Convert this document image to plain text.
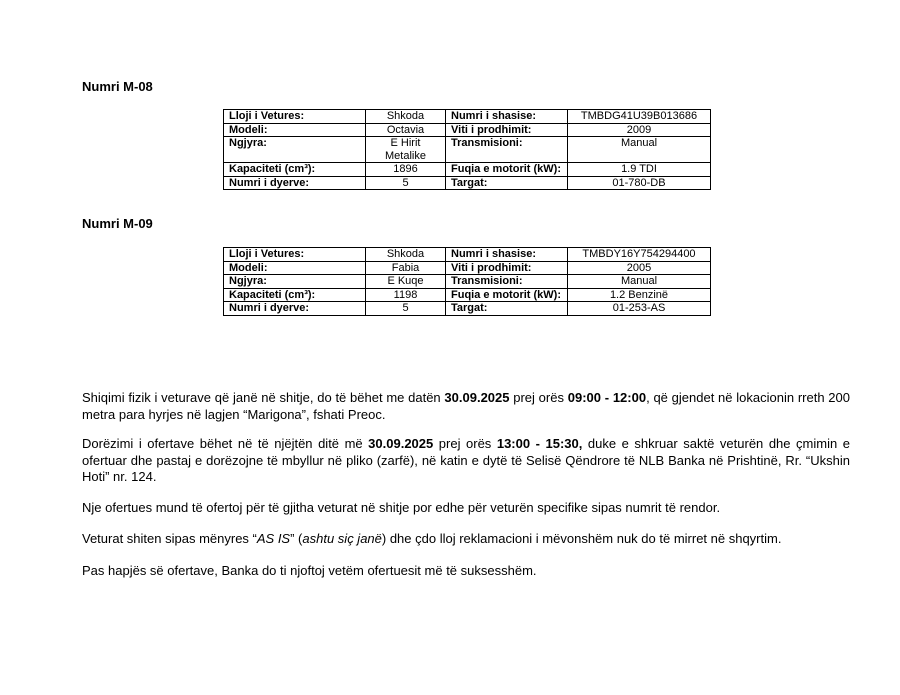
Numri M-08
Lloji i Vetures:	Shkoda	Numri i shasise:	TMBDG41U39B013686
Modeli:	Octavia	Viti i prodhimit:	2009
Ngjyra:	E Hirit Metalike	Transmisioni:	Manual
Kapaciteti (cm³):	1896	Fuqia e motorit (kW):	1.9 TDI
Numri i dyerve:	5	Targat:	01-780-DB
Numri M-09
Lloji i Vetures:	Shkoda	Numri i shasise:	TMBDY16Y754294400
Modeli:	Fabia	Viti i prodhimit:	2005
Ngjyra:	E Kuqe	Transmisioni:	Manual
Kapaciteti (cm³):	1198	Fuqia e motorit (kW):	1.2 Benzinë
Numri i dyerve:	5	Targat:	01-253-AS

Shiqimi fizik i veturave që janë në shitje, do të bëhet me datën 30.09.2025 prej orës 09:00 - 12:00, që gjendet në lokacionin rreth 200 metra para hyrjes në lagjen “Marigona”, fshati Preoc.

Dorëzimi i ofertave bëhet në të njëjtën ditë më 30.09.2025 prej orës 13:00 - 15:30, duke e shkruar saktë veturën dhe çmimin e ofertuar dhe pastaj e dorëzojne të mbyllur në pliko (zarfë), në katin e dytë të Selisë Qëndrore të NLB Banka në Prishtinë, Rr. “Ukshin Hoti” nr. 124.

Nje ofertues mund të ofertoj për të gjitha veturat në shitje por edhe për veturën specifike sipas numrit të rendor.

Veturat shiten sipas mënyres “AS IS” (ashtu siç janë) dhe çdo lloj reklamacioni i mëvonshëm nuk do të mirret në shqyrtim.

Pas hapjës së ofertave, Banka do ti njoftoj vetëm ofertuesit më të suksesshëm.
